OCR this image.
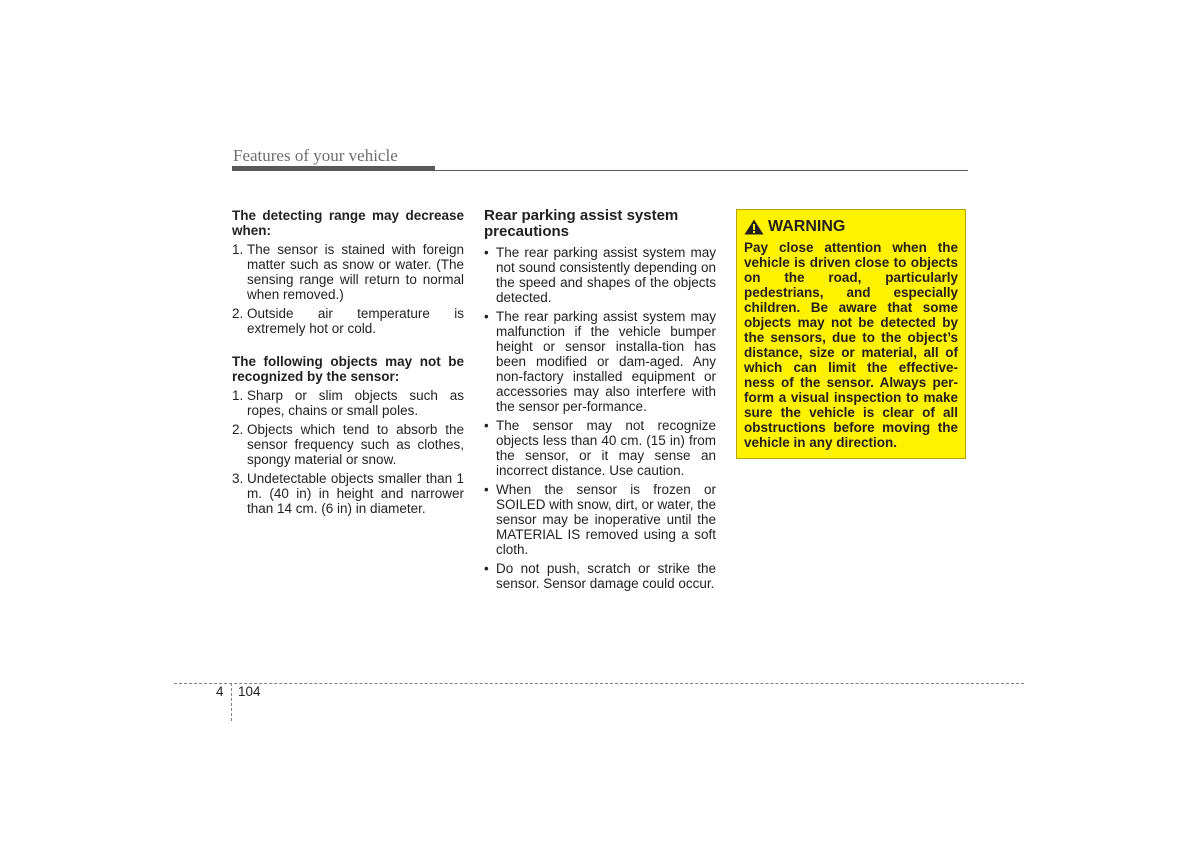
Features of your vehicle

The detecting range may decrease when:

1. The sensor is stained with foreign matter such as snow or water. (The sensing range will return to normal when removed.)
2. Outside air temperature is extremely hot or cold.

The following objects may not be recognized by the sensor:

1. Sharp or slim objects such as ropes, chains or small poles.
2. Objects which tend to absorb the sensor frequency such as clothes, spongy material or snow.
3. Undetectable objects smaller than 1 m. (40 in) in height and narrower than 14 cm. (6 in) in diameter.

Rear parking assist system precautions

• The rear parking assist system may not sound consistently depending on the speed and shapes of the objects detected.
• The rear parking assist system may malfunction if the vehicle bumper height or sensor installa-tion has been modified or dam-aged. Any non-factory installed equipment or accessories may also interfere with the sensor per-formance.
• The sensor may not recognize objects less than 40 cm. (15 in) from the sensor, or it may sense an incorrect distance. Use caution.
• When the sensor is frozen or SOILED with snow, dirt, or water, the sensor may be inoperative until the MATERIAL IS removed using a soft cloth.
• Do not push, scratch or strike the sensor. Sensor damage could occur.
WARNING

Pay close attention when the vehicle is driven close to objects on the road, particularly pedestrians, and especially children. Be aware that some objects may not be detected by the sensors, due to the object’s distance, size or material, all of which can limit the effective-ness of the sensor. Always per-form a visual inspection to make sure the vehicle is clear of all obstructions before moving the vehicle in any direction.

4 104
